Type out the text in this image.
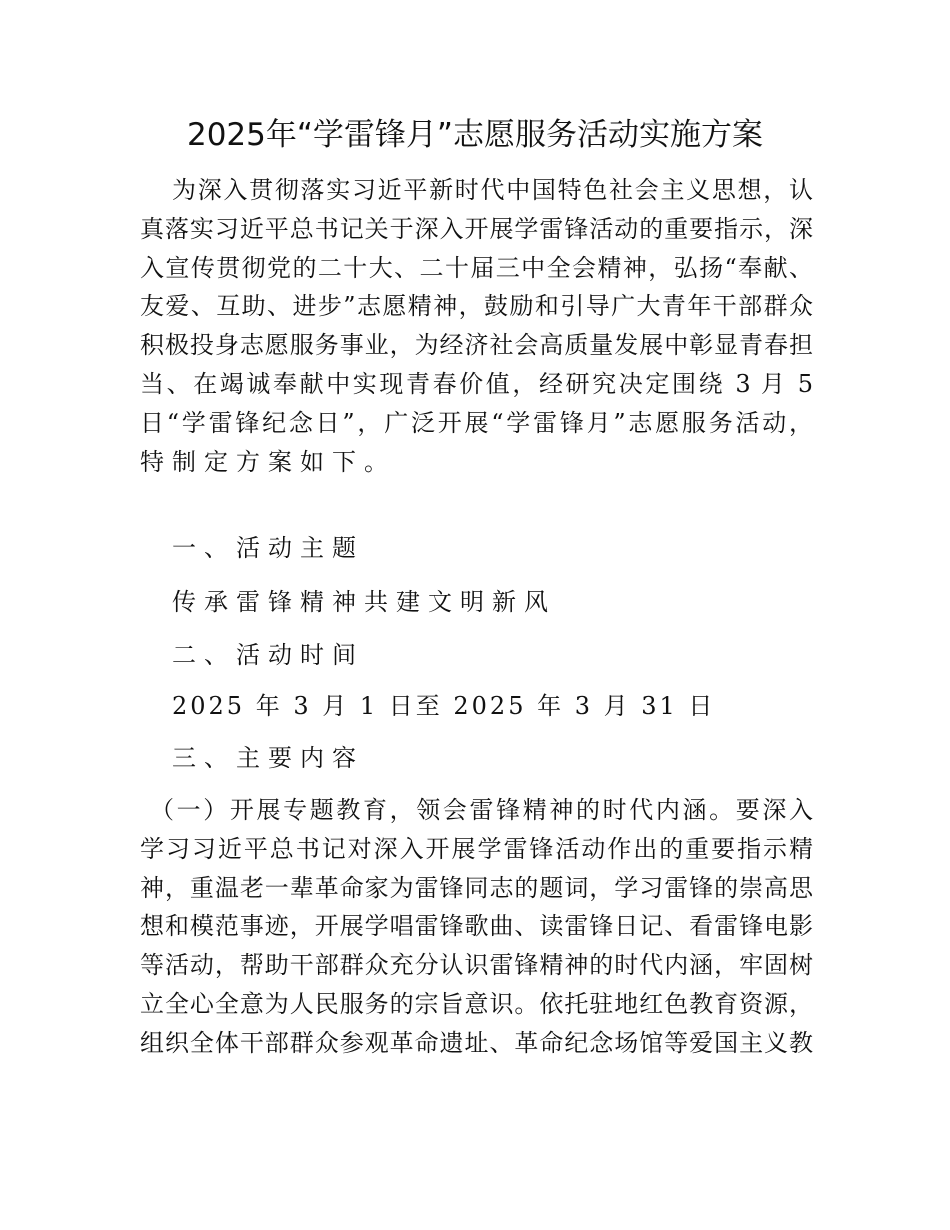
2025年“学雷锋月”志愿服务活动实施方案
为深入贯彻落实习近平新时代中国特色社会主义思想，认
真落实习近平总书记关于深入开展学雷锋活动的重要指示，深
入宣传贯彻党的二十大、二十届三中全会精神，弘扬“奉献、
友爱、互助、进步”志愿精神，鼓励和引导广大青年干部群众
积极投身志愿服务事业，为经济社会高质量发展中彰显青春担
当、在竭诚奉献中实现青春价值，经研究决定围绕 3 月 5
日“学雷锋纪念日”，广泛开展“学雷锋月”志愿服务活动，
特制定方案如下。
一、活动主题
传承雷锋精神共建文明新风
二、活动时间
2025 年 3 月 1 日至 2025 年 3 月 31 日
三、主要内容
（一）开展专题教育，领会雷锋精神的时代内涵。要深入
学习习近平总书记对深入开展学雷锋活动作出的重要指示精
神，重温老一辈革命家为雷锋同志的题词，学习雷锋的崇高思
想和模范事迹，开展学唱雷锋歌曲、读雷锋日记、看雷锋电影
等活动，帮助干部群众充分认识雷锋精神的时代内涵，牢固树
立全心全意为人民服务的宗旨意识。依托驻地红色教育资源，
组织全体干部群众参观革命遗址、革命纪念场馆等爱国主义教
